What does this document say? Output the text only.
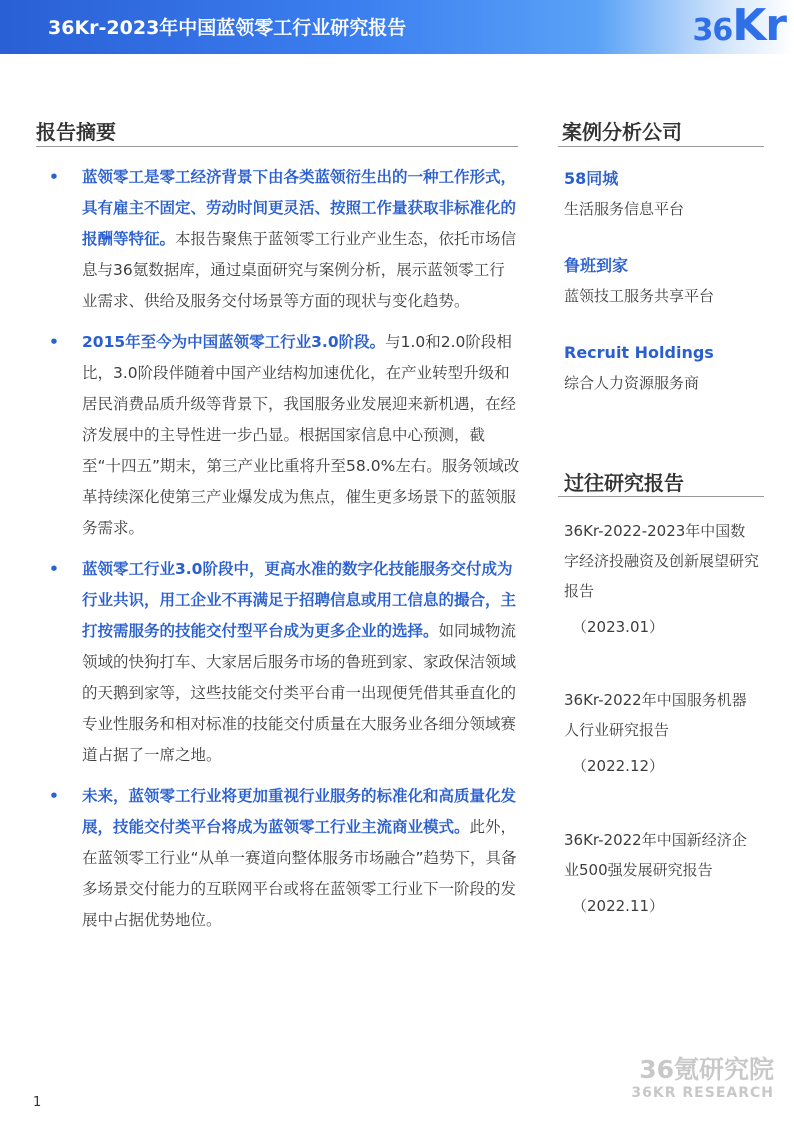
36Kr-2023年中国蓝领零工行业研究报告	36Kr
报告摘要
• 蓝领零工是零工经济背景下由各类蓝领衍生出的一种工作形式，具有雇主不固定、劳动时间更灵活、按照工作量获取非标准化的报酬等特征。本报告聚焦于蓝领零工行业产业生态，依托市场信息与36氪数据库，通过桌面研究与案例分析，展示蓝领零工行业需求、供给及服务交付场景等方面的现状与变化趋势。
• 2015年至今为中国蓝领零工行业3.0阶段。与1.0和2.0阶段相比，3.0阶段伴随着中国产业结构加速优化，在产业转型升级和居民消费品质升级等背景下，我国服务业发展迎来新机遇，在经济发展中的主导性进一步凸显。根据国家信息中心预测，截至“十四五”期末，第三产业比重将升至58.0%左右。服务领域改革持续深化使第三产业爆发成为焦点，催生更多场景下的蓝领服务需求。
• 蓝领零工行业3.0阶段中，更高水准的数字化技能服务交付成为行业共识，用工企业不再满足于招聘信息或用工信息的撮合，主打按需服务的技能交付型平台成为更多企业的选择。如同城物流领域的快狗打车、大家居后服务市场的鲁班到家、家政保洁领域的天鹅到家等，这些技能交付类平台甫一出现便凭借其垂直化的专业性服务和相对标准的技能交付质量在大服务业各细分领域赛道占据了一席之地。
• 未来，蓝领零工行业将更加重视行业服务的标准化和高质量化发展，技能交付类平台将成为蓝领零工行业主流商业模式。此外，在蓝领零工行业“从单一赛道向整体服务市场融合”趋势下，具备多场景交付能力的互联网平台或将在蓝领零工行业下一阶段的发展中占据优势地位。
案例分析公司
58同城
生活服务信息平台
鲁班到家
蓝领技工服务共享平台
Recruit Holdings
综合人力资源服务商
过往研究报告
36Kr-2022-2023年中国数字经济投融资及创新展望研究报告
（2023.01）
36Kr-2022年中国服务机器人行业研究报告
（2022.12）
36Kr-2022年中国新经济企业500强发展研究报告
（2022.11）
36氪研究院
36KR RESEARCH
1
